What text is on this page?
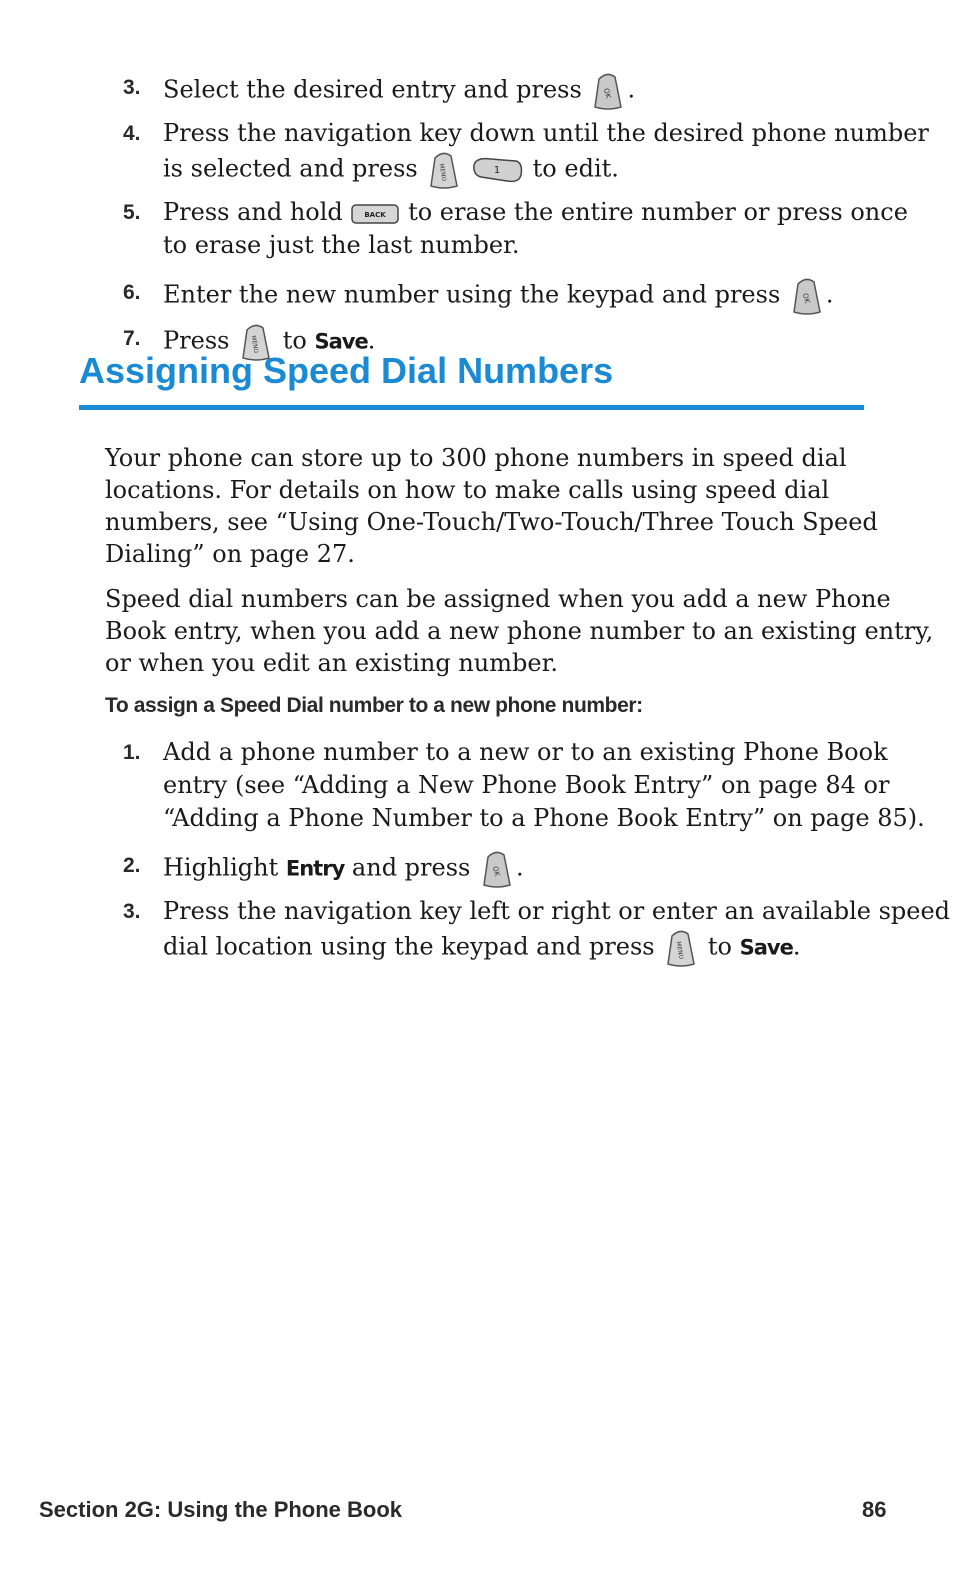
3. Select the desired entry and press	OK .
4. Press the navigation key down until the desired phone number
is selected and press	MENU
	1 to edit.
5. Press and hold	BACK to erase the entire number or press once
to erase just the last number.
6. Enter the new number using the keypad and press	OK .
7. Press	MENU to Save.
Assigning Speed Dial Numbers
Your phone can store up to 300 phone numbers in speed dial
locations. For details on how to make calls using speed dial
numbers, see “Using One-Touch/Two-Touch/Three Touch Speed
Dialing” on page 27.
Speed dial numbers can be assigned when you add a new Phone
Book entry, when you add a new phone number to an existing entry,
or when you edit an existing number.
To assign a Speed Dial number to a new phone number:
1. Add a phone number to a new or to an existing Phone Book
entry (see “Adding a New Phone Book Entry” on page 84 or
“Adding a Phone Number to a Phone Book Entry” on page 85).
2. Highlight Entry and press	OK .
3. Press the navigation key left or right or enter an available speed
dial location using the keypad and press	MENU to Save.
Section 2G: Using the Phone Book	86
